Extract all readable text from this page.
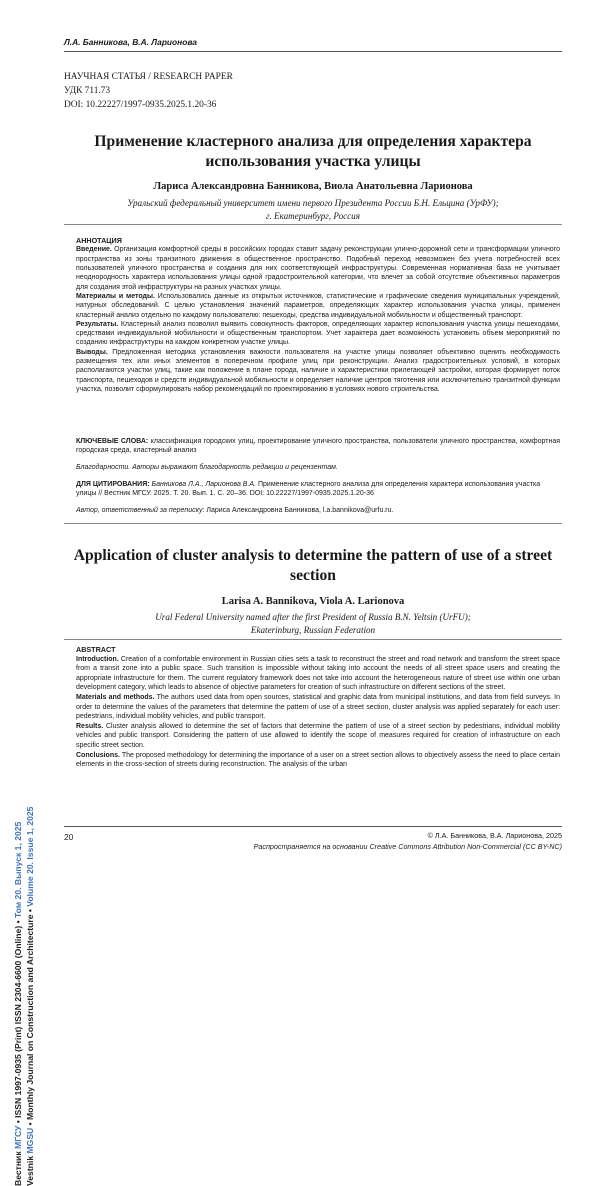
Л.А. Банникова, В.А. Ларионова
НАУЧНАЯ СТАТЬЯ / RESEARCH PAPER
УДК 711.73
DOI: 10.22227/1997-0935.2025.1.20-36
Применение кластерного анализа для определения характера использования участка улицы
Лариса Александровна Банникова, Виола Анатольевна Ларионова
Уральский федеральный университет имени первого Президента России Б.Н. Ельцина (УрФУ);
г. Екатеринбург, Россия

АННОТАЦИЯ

Введение. Организация комфортной среды в российских городах ставит задачу реконструкции улично-дорожной сети и трансформации уличного пространства из зоны транзитного движения в общественное пространство. Подобный переход невозможен без учета потребностей всех пользователей уличного пространства и создания для них соответствующей инфраструктуры. Современная нормативная база не учитывает неоднородность характера использования улицы одной градостроительной категории, что влечет за собой отсутствие объективных параметров для создания этой инфраструктуры на разных участках улицы.

Материалы и методы. Использовались данные из открытых источников, статистические и графические сведения муниципальных учреждений, натурных обследований. С целью установления значений параметров, определяющих характер использования участка улицы, применен кластерный анализ отдельно по каждому пользователю: пешеходы, средства индивидуальной мобильности и общественный транспорт.

Результаты. Кластерный анализ позволил выявить совокупность факторов, определяющих характер использования участка улицы пешеходами, средствами индивидуальной мобильности и общественным транспортом. Учет характера дает возможность установить объем мероприятий по созданию инфраструктуры на каждом конкретном участке улицы.

Выводы. Предложенная методика установления важности пользователя на участке улицы позволяет объективно оценить необходимость размещения тех или иных элементов в поперечном профиле улиц при реконструкции. Анализ градостроительных условий, в которых располагаются участки улиц, такие как положение в плане города, наличие и характеристики прилегающей застройки, которая формирует поток транспорта, пешеходов и средств индивидуальной мобильности и определяет наличие центров тяготения или исключительно транзитной функции участка, позволит сформулировать набор рекомендаций по проектированию в условиях нового строительства.

КЛЮЧЕВЫЕ СЛОВА: классификация городских улиц, проектирование уличного пространства, пользователи уличного пространства, комфортная городская среда, кластерный анализ
Благодарности. Авторы выражают благодарность редакции и рецензентам.
ДЛЯ ЦИТИРОВАНИЯ: Банникова Л.А., Ларионова В.А. Применение кластерного анализа для определения характера использования участка улицы // Вестник МГСУ. 2025. Т. 20. Вып. 1. С. 20–36. DOI: 10.22227/1997-0935.2025.1.20-36
Автор, ответственный за переписку: Лариса Александровна Банникова, l.a.bannikova@urfu.ru.
Application of cluster analysis to determine the pattern of use of a street section
Larisa A. Bannikova, Viola A. Larionova
Ural Federal University named after the first President of Russia B.N. Yeltsin (UrFU);
Ekaterinburg, Russian Federation

ABSTRACT

Introduction. Creation of a comfortable environment in Russian cities sets a task to reconstruct the street and road network and transform the street space from a transit zone into a public space. Such transition is impossible without taking into account the needs of all street space users and creating the appropriate infrastructure for them. The current regulatory framework does not take into account the heterogeneous nature of street use within one urban development category, which leads to absence of objective parameters for creation of such infrastructure on different sections of the street.

Materials and methods. The authors used data from open sources, statistical and graphic data from municipal institutions, and data from field surveys. In order to determine the values of the parameters that determine the pattern of use of a street section, cluster analysis was applied separately for each user: pedestrians, individual mobility vehicles, and public transport.

Results. Cluster analysis allowed to determine the set of factors that determine the pattern of use of a street section by pedestrians, individual mobility vehicles and public transport. Considering the pattern of use allowed to identify the scope of measures required for creation of infrastructure on each specific street section.

Conclusions. The proposed methodology for determining the importance of a user on a street section allows to objectively assess the need to place certain elements in the cross-section of streets during reconstruction. The analysis of the urban

Вестник МГСУ • ISSN 1997-0935 (Print) ISSN 2304-6600 (Online) • Том 20. Выпуск 1, 2025
Vestnik MGSU • Monthly Journal on Construction and Architecture • Volume 20. Issue 1, 2025	20	© Л.А. Банникова, В.А. Ларионова, 2025
Распространяется на основании Creative Commons Attribution Non-Commercial (CC BY-NC)
